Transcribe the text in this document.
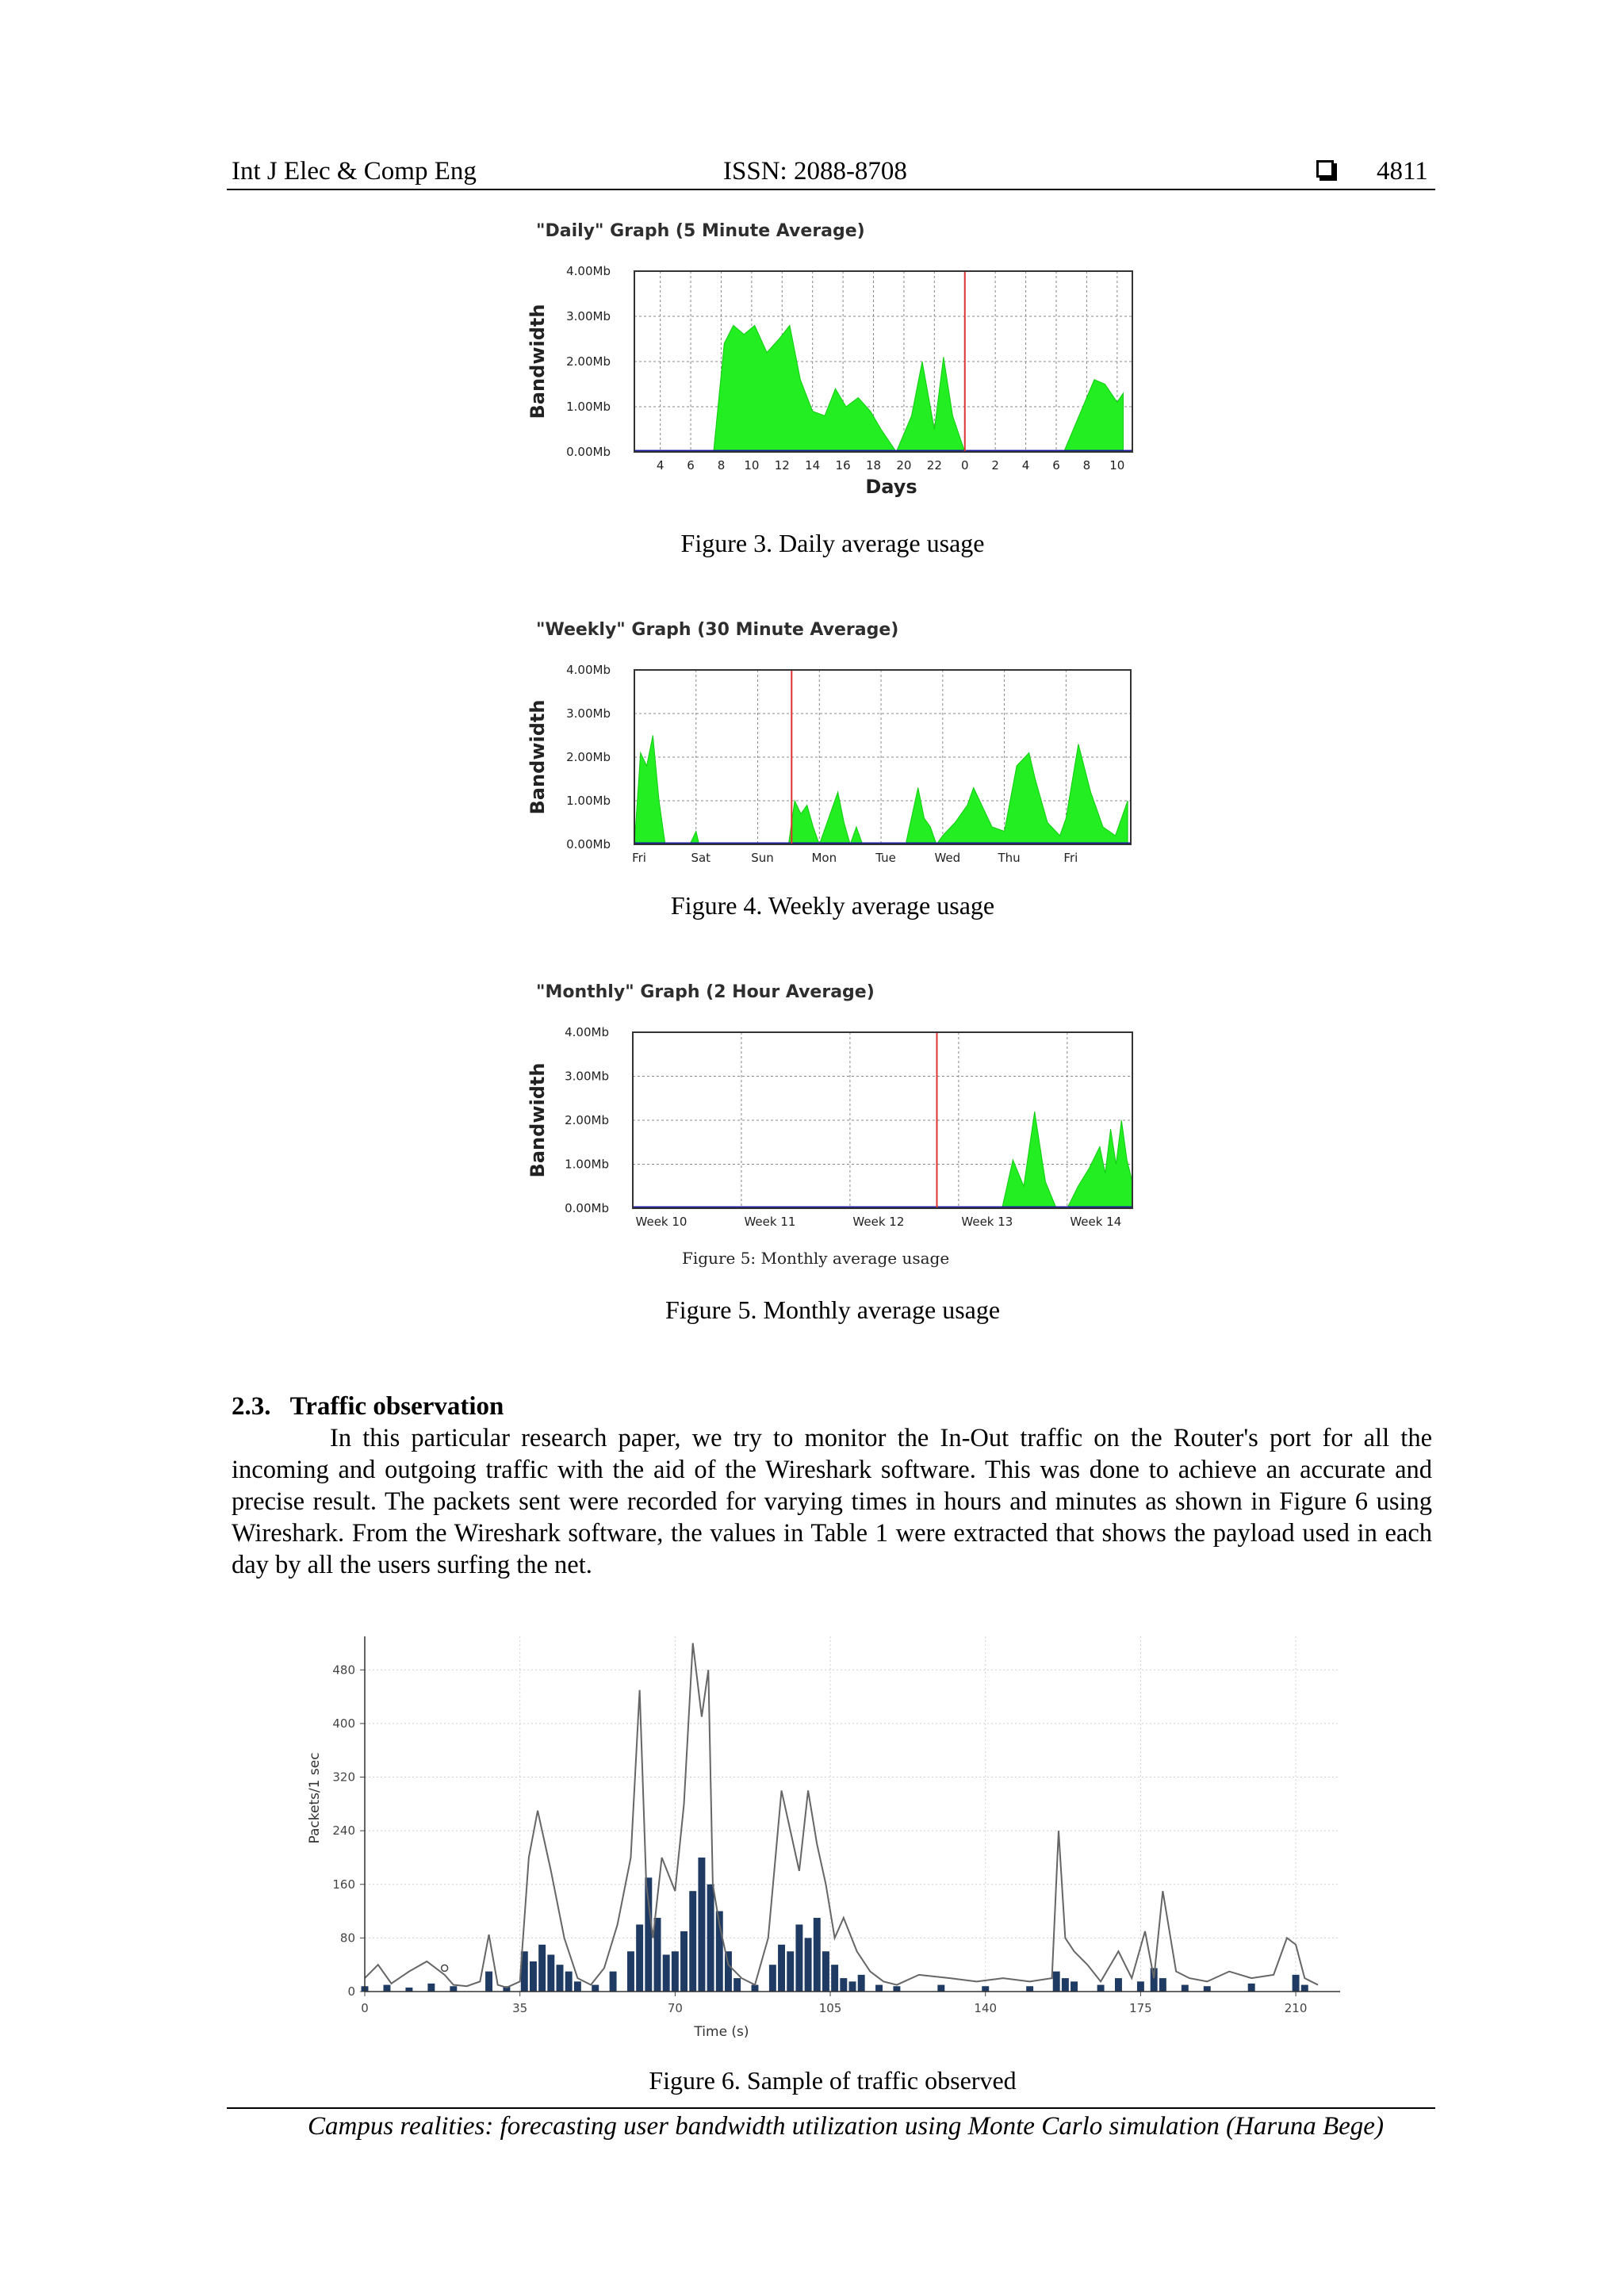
Int J Elec & Comp Eng	ISSN: 2088-8708	4811
"Daily" Graph (5 Minute Average)
0.00Mb
1.00Mb
2.00Mb
3.00Mb
4.00Mb
4 6 8 10 12 14 16 18 20 22 0 2 4 6 8 10
Bandwidth
Days
Figure 3. Daily average usage
"Weekly" Graph (30 Minute Average)
0.00Mb
1.00Mb
2.00Mb
3.00Mb
4.00Mb
Fri	Sat	Sun	Mon	Tue	Wed	Thu	Fri
Bandwidth
Figure 4. Weekly average usage
"Monthly" Graph (2 Hour Average)
0.00Mb
1.00Mb
2.00Mb
3.00Mb
4.00Mb
Week 10	Week 11	Week 12	Week 13	Week 14
Bandwidth
Figure 5: Monthly average usage
Figure 5. Monthly average usage
2.3. Traffic observation

In this particular research paper, we try to monitor the In-Out traffic on the Router's port for all the incoming and outgoing traffic with the aid of the Wireshark software. This was done to achieve an accurate and precise result. The packets sent were recorded for varying times in hours and minutes as shown in Figure 6 using Wireshark. From the Wireshark software, the values in Table 1 were extracted that shows the payload used in each day by all the users surfing the net.

0
80
160
240
320
400
480
0	35	70	105	140	175	210
Time (s)
Packets/1 sec
Figure 6. Sample of traffic observed
Campus realities: forecasting user bandwidth utilization using Monte Carlo simulation (Haruna Bege)
